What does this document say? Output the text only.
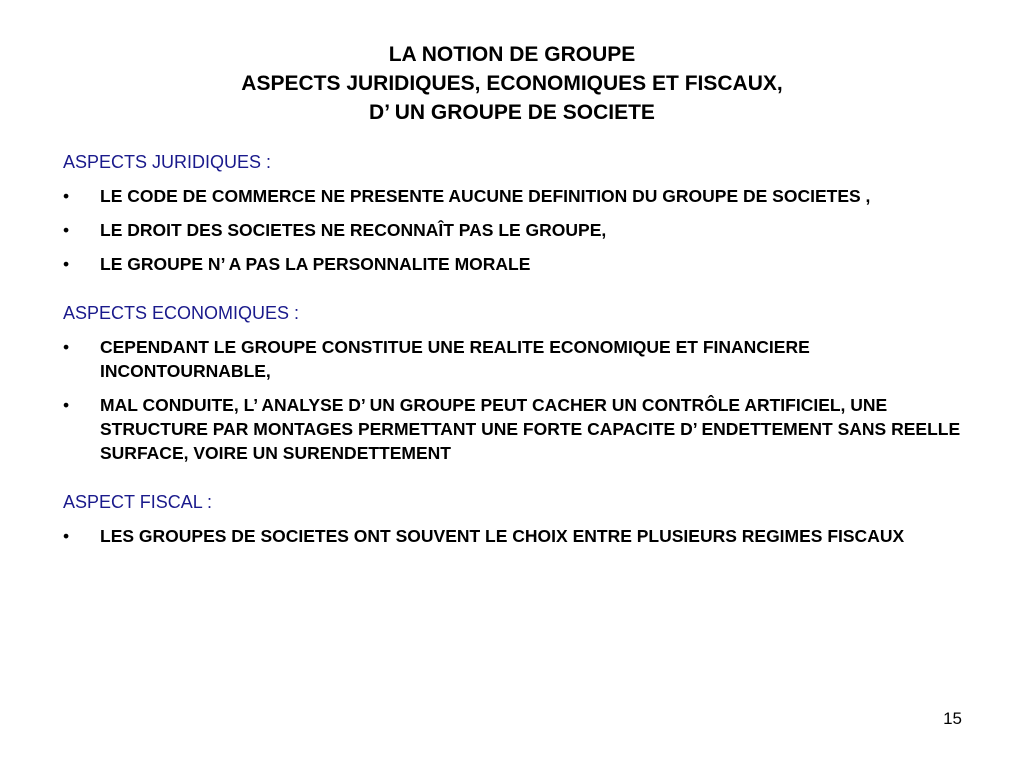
LA NOTION DE GROUPE
ASPECTS JURIDIQUES, ECONOMIQUES ET FISCAUX,
D’ UN GROUPE DE SOCIETE
ASPECTS JURIDIQUES :
• LE CODE DE COMMERCE NE PRESENTE AUCUNE DEFINITION DU GROUPE DE SOCIETES ,
• LE DROIT DES SOCIETES NE RECONNAÎT PAS LE GROUPE,
• LE GROUPE N’ A PAS LA PERSONNALITE MORALE
ASPECTS ECONOMIQUES :
• CEPENDANT LE GROUPE CONSTITUE UNE REALITE ECONOMIQUE ET FINANCIERE INCONTOURNABLE,
• MAL CONDUITE, L’ ANALYSE D’ UN GROUPE PEUT CACHER UN CONTRÔLE ARTIFICIEL, UNE STRUCTURE PAR MONTAGES PERMETTANT UNE FORTE CAPACITE D’ ENDETTEMENT SANS REELLE SURFACE, VOIRE UN SURENDETTEMENT
ASPECT FISCAL :
• LES GROUPES DE SOCIETES ONT SOUVENT LE CHOIX ENTRE PLUSIEURS REGIMES FISCAUX
15
